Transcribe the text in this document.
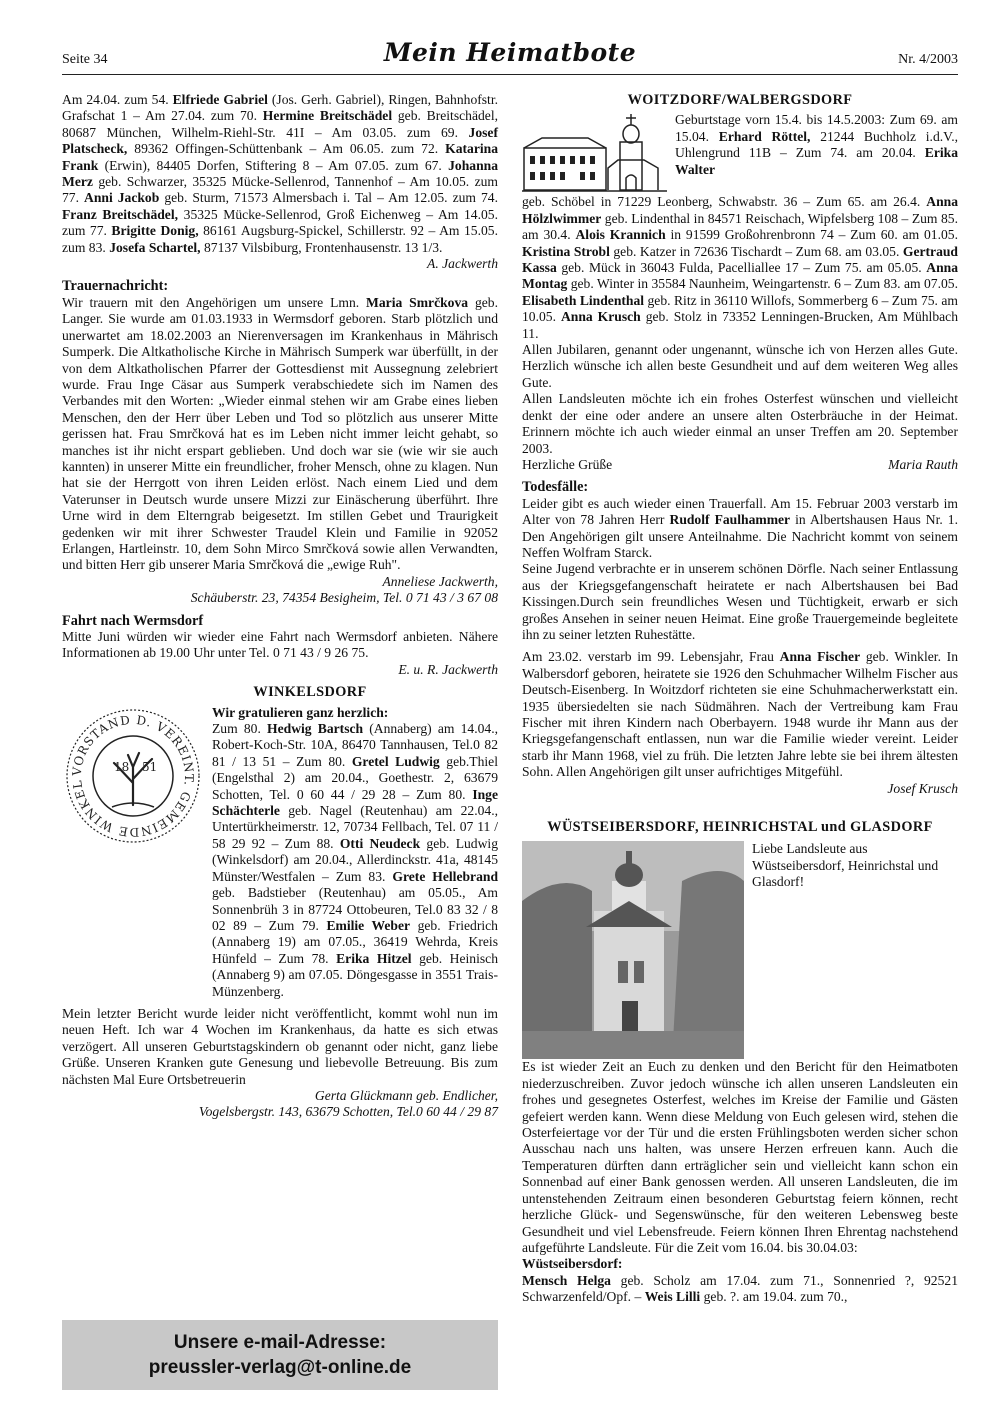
Seite 34	Mein Heimatbote	Nr. 4/2003

Am 24.04. zum 54. Elfriede Gabriel (Jos. Gerh. Gabriel), Ringen, Bahnhofstr. Grafschat 1 – Am 27.04. zum 70. Hermine Breitschädel geb. Breitschädel, 80687 München, Wilhelm-Riehl-Str. 41I – Am 03.05. zum 69. Josef Platscheck, 89362 Offingen-Schüttenbank – Am 06.05. zum 72. Katarina Frank (Erwin), 84405 Dorfen, Stiftering 8 – Am 07.05. zum 67. Johanna Merz geb. Schwarzer, 35325 Mücke-Sellenrod, Tannenhof – Am 10.05. zum 77. Anni Jackob geb. Sturm, 71573 Almersbach i. Tal – Am 12.05. zum 74. Franz Breitschädel, 35325 Mücke-Sellenrod, Groß Eichenweg – Am 14.05. zum 77. Brigitte Donig, 86161 Augsburg-Spickel, Schillerstr. 92 – Am 15.05. zum 83. Josefa Schartel, 87137 Vilsbiburg, Frontenhausenstr. 13 1/3.

A. Jackwerth

Trauernachricht:

Wir trauern mit den Angehörigen um unsere Lmn. Maria Smrčkova geb. Langer. Sie wurde am 01.03.1933 in Wermsdorf geboren. Starb plötzlich und unerwartet am 18.02.2003 an Nierenversagen im Krankenhaus in Mährisch Sumperk. Die Altkatholische Kirche in Mährisch Sumperk war überfüllt, in der von dem Altkatholischen Pfarrer der Gottesdienst mit Aussegnung zelebriert wurde. Frau Inge Cäsar aus Sumperk verabschiedete sich im Namen des Verbandes mit den Worten: „Wieder einmal stehen wir am Grabe eines lieben Menschen, den der Herr über Leben und Tod so plötzlich aus unserer Mitte gerissen hat. Frau Smrčková hat es im Leben nicht immer leicht gehabt, so manches ist ihr nicht erspart geblieben. Und doch war sie (wie wir sie auch kannten) in unserer Mitte ein freundlicher, froher Mensch, ohne zu klagen. Nun hat sie der Herrgott von ihren Leiden erlöst. Nach einem Lied und dem Vaterunser in Deutsch wurde unsere Mizzi zur Einäscherung überführt. Ihre Urne wird in dem Elterngrab beigesetzt. Im stillen Gebet und Traurigkeit gedenken wir mit ihrer Schwester Traudel Klein und Familie in 92052 Erlangen, Hartleinstr. 10, dem Sohn Mirco Smrčková sowie allen Verwandten, und bitten Herr gib unserer Maria Smrčková die „ewige Ruh".

Anneliese Jackwerth,

Schäuberstr. 23, 74354 Besigheim, Tel. 0 71 43 / 3 67 08

Fahrt nach Wermsdorf

Mitte Juni würden wir wieder eine Fahrt nach Wermsdorf anbieten. Nähere Informationen ab 19.00 Uhr unter Tel. 0 71 43 / 9 26 75.

E. u. R. Jackwerth

WINKELSDORF
VORSTAND D. VEREINT. GEMEINDE WINKEL
18 51
Wir gratulieren ganz herzlich:

Zum 80. Hedwig Bartsch (Annaberg) am 14.04., Robert-Koch-Str. 10A, 86470 Tannhausen, Tel.0 82 81 / 13 51 – Zum 80. Gretel Ludwig geb.Thiel (Engelsthal 2) am 20.04., Goethestr. 2, 63679 Schotten, Tel. 0 60 44 / 29 28 – Zum 80. Inge Schächterle geb. Nagel (Reutenhau) am 22.04., Untertürkheimerstr. 12, 70734 Fellbach, Tel. 07 11 / 58 29 92 – Zum 88. Otti Neudeck geb. Ludwig (Winkelsdorf) am 20.04., Allerdinckstr. 41a, 48145 Münster/Westfalen – Zum 83. Grete Hellebrand geb. Badstieber (Reutenhau) am 05.05., Am Sonnenbrüh 3 in 87724 Ottobeuren, Tel.0 83 32 / 8 02 89 – Zum 79. Emilie Weber geb. Friedrich (Annaberg 19) am 07.05., 36419 Wehrda, Kreis Hünfeld – Zum 78. Erika Hitzel geb. Heinisch (Annaberg 9) am 07.05. Döngesgasse in 3551 Trais-Münzenberg.

Mein letzter Bericht wurde leider nicht veröffentlicht, kommt wohl nun im neuen Heft. Ich war 4 Wochen im Krankenhaus, da hatte es sich etwas verzögert. All unseren Geburtstagskindern ob genannt oder nicht, ganz liebe Grüße. Unseren Kranken gute Genesung und liebevolle Betreuung. Bis zum nächsten Mal Eure Ortsbetreuerin

Gerta Glückmann geb. Endlicher,

Vogelsbergstr. 143, 63679 Schotten, Tel.0 60 44 / 29 87

Unsere e-mail-Adresse:
preussler-verlag@t-online.de
WOITZDORF/WALBERGSDORF

Geburtstage vorn 15.4. bis 14.5.2003: Zum 69. am 15.04. Erhard Röttel, 21244 Buchholz i.d.V., Uhlengrund 11B – Zum 74. am 20.04. Erika Walter

geb. Schöbel in 71229 Leonberg, Schwabstr. 36 – Zum 65. am 26.4. Anna Hölzlwimmer geb. Lindenthal in 84571 Reischach, Wipfelsberg 108 – Zum 85. am 30.4. Alois Krannich in 91599 Großohrenbronn 74 – Zum 60. am 01.05. Kristina Strobl geb. Katzer in 72636 Tischardt – Zum 68. am 03.05. Gertraud Kassa geb. Mück in 36043 Fulda, Pacelliallee 17 – Zum 75. am 05.05. Anna Montag geb. Winter in 35584 Naunheim, Weingartenstr. 6 – Zum 83. am 07.05. Elisabeth Lindenthal geb. Ritz in 36110 Willofs, Sommerberg 6 – Zum 75. am 10.05. Anna Krusch geb. Stolz in 73352 Lenningen-Brucken, Am Mühlbach 11.

Allen Jubilaren, genannt oder ungenannt, wünsche ich von Herzen alles Gute. Herzlich wünsche ich allen beste Gesundheit und auf dem weiteren Weg alles Gute.

Allen Landsleuten möchte ich ein frohes Osterfest wünschen und vielleicht denkt der eine oder andere an unsere alten Osterbräuche in der Heimat. Erinnern möchte ich auch wieder einmal an unser Treffen am 20. September 2003.

Herzliche Grüße	Maria Rauth
Todesfälle:

Leider gibt es auch wieder einen Trauerfall. Am 15. Februar 2003 verstarb im Alter von 78 Jahren Herr Rudolf Faulhammer in Albertshausen Haus Nr. 1. Den Angehörigen gilt unsere Anteilnahme. Die Nachricht kommt von seinem Neffen Wolfram Starck.

Seine Jugend verbrachte er in unserem schönen Dörfle. Nach seiner Entlassung aus der Kriegsgefangenschaft heiratete er nach Albertshausen bei Bad Kissingen.Durch sein freundliches Wesen und Tüchtigkeit, erwarb er sich großes Ansehen in seiner neuen Heimat. Eine große Trauergemeinde begleitete ihn zu seiner letzten Ruhestätte.

Am 23.02. verstarb im 99. Lebensjahr, Frau Anna Fischer geb. Winkler. In Walbersdorf geboren, heiratete sie 1926 den Schuhmacher Wilhelm Fischer aus Deutsch-Eisenberg. In Woitzdorf richteten sie eine Schuhmacherwerkstatt ein. 1935 übersiedelten sie nach Südmähren. Nach der Vertreibung kam Frau Fischer mit ihren Kindern nach Oberbayern. 1948 wurde ihr Mann aus der Kriegsgefangenschaft entlassen, nun war die Familie wieder vereint. Leider starb ihr Mann 1968, viel zu früh. Die letzten Jahre lebte sie bei ihrem ältesten Sohn. Allen Angehörigen gilt unser aufrichtiges Mitgefühl.

Josef Krusch

WÜSTSEIBERSDORF, HEINRICHSTAL und GLASDORF

Liebe Landsleute aus Wüstseibersdorf, Heinrichstal und Glasdorf!

Es ist wieder Zeit an Euch zu denken und den Bericht für den Heimatboten niederzuschreiben. Zuvor jedoch wünsche ich allen unseren Landsleuten ein frohes und gesegnetes Osterfest, welches im Kreise der Familie und Gästen gefeiert werden kann. Wenn diese Meldung von Euch gelesen wird, stehen die Osterfeiertage vor der Tür und die ersten Frühlingsboten werden sicher schon Ausschau nach uns halten, was unsere Herzen erfreuen kann. Auch die Temperaturen dürften dann erträglicher sein und vielleicht kann schon ein Sonnenbad auf einer Bank genossen werden. All unseren Landsleuten, die im untenstehenden Zeitraum einen besonderen Geburtstag feiern können, recht herzliche Glück- und Segenswünsche, für den weiteren Lebensweg beste Gesundheit und viel Lebensfreude. Feiern können Ihren Ehrentag nachstehend aufgeführte Landsleute. Für die Zeit vom 16.04. bis 30.04.03:

Wüstseibersdorf:

Mensch Helga geb. Scholz am 17.04. zum 71., Sonnenried ?, 92521 Schwarzenfeld/Opf. – Weis Lilli geb. ?. am 19.04. zum 70.,
